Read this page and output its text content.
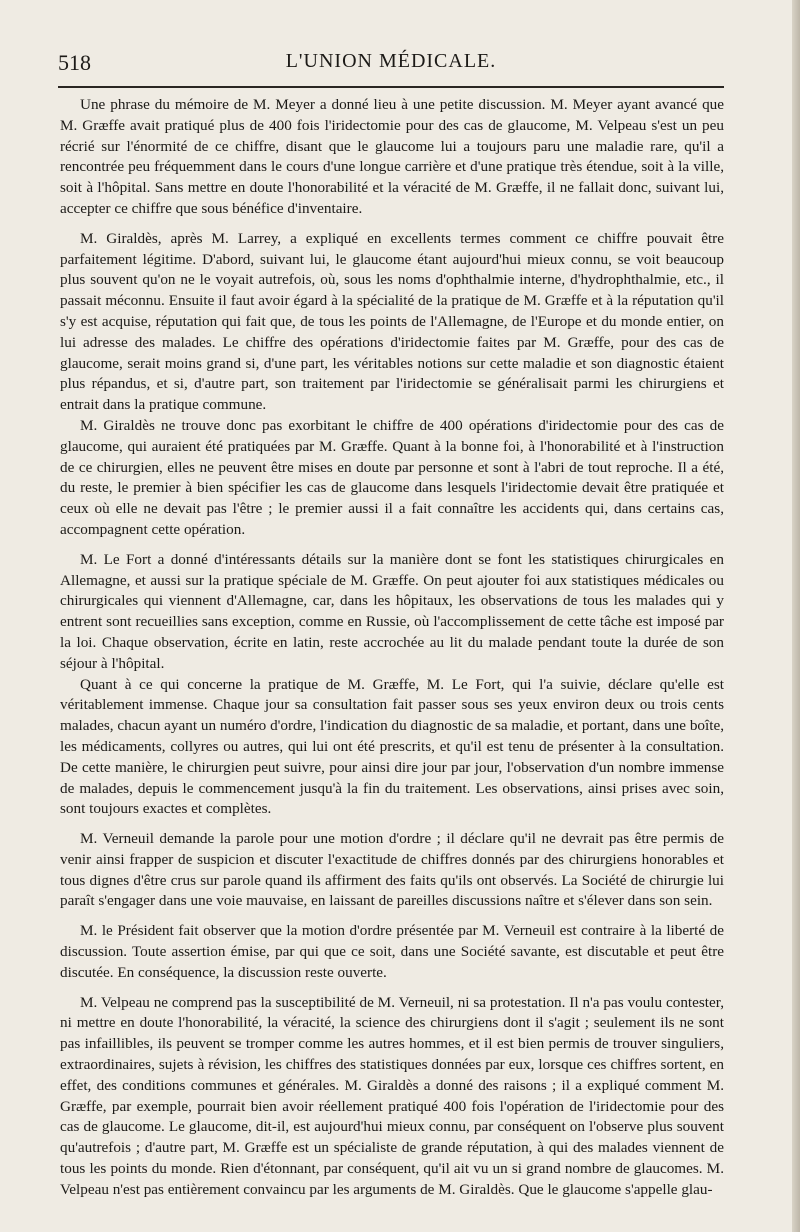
518	L'UNION MÉDICALE.

Une phrase du mémoire de M. Meyer a donné lieu à une petite discussion. M. Meyer ayant avancé que M. Græffe avait pratiqué plus de 400 fois l'iridectomie pour des cas de glaucome, M. Velpeau s'est un peu récrié sur l'énormité de ce chiffre, disant que le glaucome lui a toujours paru une maladie rare, qu'il a rencontrée peu fréquemment dans le cours d'une longue carrière et d'une pratique très étendue, soit à la ville, soit à l'hôpital. Sans mettre en doute l'honorabilité et la véracité de M. Græffe, il ne fallait donc, suivant lui, accepter ce chiffre que sous bénéfice d'inventaire.

M. Giraldès, après M. Larrey, a expliqué en excellents termes comment ce chiffre pouvait être parfaitement légitime. D'abord, suivant lui, le glaucome étant aujourd'hui mieux connu, se voit beaucoup plus souvent qu'on ne le voyait autrefois, où, sous les noms d'ophthalmie interne, d'hydrophthalmie, etc., il passait méconnu. Ensuite il faut avoir égard à la spécialité de la pratique de M. Græffe et à la réputation qu'il s'y est acquise, réputation qui fait que, de tous les points de l'Allemagne, de l'Europe et du monde entier, on lui adresse des malades. Le chiffre des opérations d'iridectomie faites par M. Græffe, pour des cas de glaucome, serait moins grand si, d'une part, les véritables notions sur cette maladie et son diagnostic étaient plus répandus, et si, d'autre part, son traitement par l'iridectomie se généralisait parmi les chirurgiens et entrait dans la pratique commune.

M. Giraldès ne trouve donc pas exorbitant le chiffre de 400 opérations d'iridectomie pour des cas de glaucome, qui auraient été pratiquées par M. Græffe. Quant à la bonne foi, à l'honorabilité et à l'instruction de ce chirurgien, elles ne peuvent être mises en doute par personne et sont à l'abri de tout reproche. Il a été, du reste, le premier à bien spécifier les cas de glaucome dans lesquels l'iridectomie devait être pratiquée et ceux où elle ne devait pas l'être ; le premier aussi il a fait connaître les accidents qui, dans certains cas, accompagnent cette opération.

M. Le Fort a donné d'intéressants détails sur la manière dont se font les statistiques chirurgicales en Allemagne, et aussi sur la pratique spéciale de M. Græffe. On peut ajouter foi aux statistiques médicales ou chirurgicales qui viennent d'Allemagne, car, dans les hôpitaux, les observations de tous les malades qui y entrent sont recueillies sans exception, comme en Russie, où l'accomplissement de cette tâche est imposé par la loi. Chaque observation, écrite en latin, reste accrochée au lit du malade pendant toute la durée de son séjour à l'hôpital.

Quant à ce qui concerne la pratique de M. Græffe, M. Le Fort, qui l'a suivie, déclare qu'elle est véritablement immense. Chaque jour sa consultation fait passer sous ses yeux environ deux ou trois cents malades, chacun ayant un numéro d'ordre, l'indication du diagnostic de sa maladie, et portant, dans une boîte, les médicaments, collyres ou autres, qui lui ont été prescrits, et qu'il est tenu de présenter à la consultation. De cette manière, le chirurgien peut suivre, pour ainsi dire jour par jour, l'observation d'un nombre immense de malades, depuis le commencement jusqu'à la fin du traitement. Les observations, ainsi prises avec soin, sont toujours exactes et complètes.

M. Verneuil demande la parole pour une motion d'ordre ; il déclare qu'il ne devrait pas être permis de venir ainsi frapper de suspicion et discuter l'exactitude de chiffres donnés par des chirurgiens honorables et tous dignes d'être crus sur parole quand ils affirment des faits qu'ils ont observés. La Société de chirurgie lui paraît s'engager dans une voie mauvaise, en laissant de pareilles discussions naître et s'élever dans son sein.

M. le Président fait observer que la motion d'ordre présentée par M. Verneuil est contraire à la liberté de discussion. Toute assertion émise, par qui que ce soit, dans une Société savante, est discutable et peut être discutée. En conséquence, la discussion reste ouverte.

M. Velpeau ne comprend pas la susceptibilité de M. Verneuil, ni sa protestation. Il n'a pas voulu contester, ni mettre en doute l'honorabilité, la véracité, la science des chirurgiens dont il s'agit ; seulement ils ne sont pas infaillibles, ils peuvent se tromper comme les autres hommes, et il est bien permis de trouver singuliers, extraordinaires, sujets à révision, les chiffres des statistiques données par eux, lorsque ces chiffres sortent, en effet, des conditions communes et générales. M. Giraldès a donné des raisons ; il a expliqué comment M. Græffe, par exemple, pourrait bien avoir réellement pratiqué 400 fois l'opération de l'iridectomie pour des cas de glaucome. Le glaucome, dit-il, est aujourd'hui mieux connu, par conséquent on l'observe plus souvent qu'autrefois ; d'autre part, M. Græffe est un spécialiste de grande réputation, à qui des malades viennent de tous les points du monde. Rien d'étonnant, par conséquent, qu'il ait vu un si grand nombre de glaucomes. M. Velpeau n'est pas entièrement convaincu par les arguments de M. Giraldès. Que le glaucome s'appelle glau-
